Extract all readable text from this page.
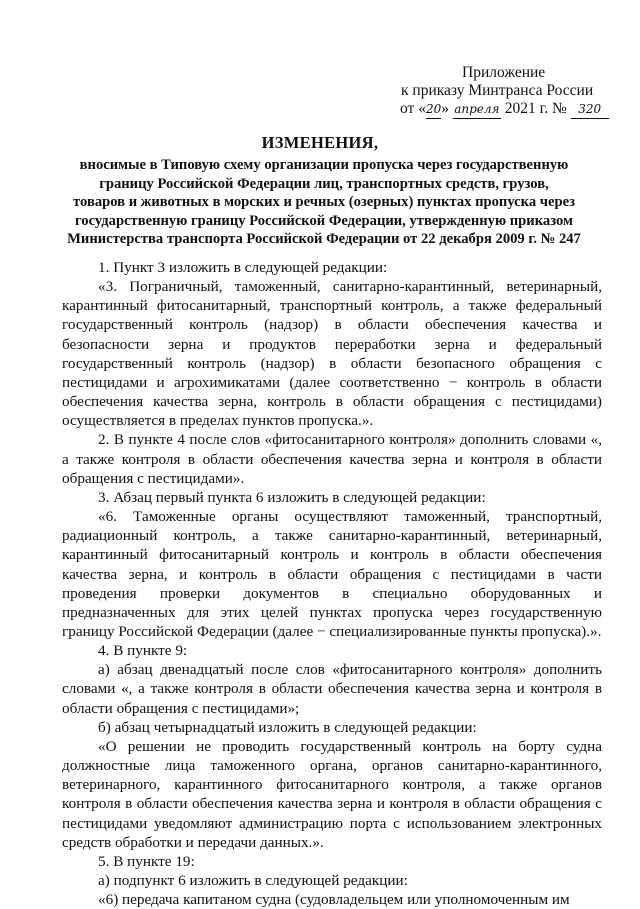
Приложение
к приказу Минтранса России
от «20» апреля 2021 г. № 320
ИЗМЕНЕНИЯ,
вносимые в Типовую схему организации пропуска через государственную
границу Российской Федерации лиц, транспортных средств, грузов,
товаров и животных в морских и речных (озерных) пунктах пропуска через
государственную границу Российской Федерации, утвержденную приказом
Министерства транспорта Российской Федерации от 22 декабря 2009 г. № 247

1. Пункт 3 изложить в следующей редакции:

«3. Пограничный, таможенный, санитарно-карантинный, ветеринарный, карантинный фитосанитарный, транспортный контроль, а также федеральный государственный контроль (надзор) в области обеспечения качества и безопасности зерна и продуктов переработки зерна и федеральный государственный контроль (надзор) в области безопасного обращения с пестицидами и агрохимикатами (далее соответственно − контроль в области обеспечения качества зерна, контроль в области обращения с пестицидами) осуществляется в пределах пунктов пропуска.».

2. В пункте 4 после слов «фитосанитарного контроля» дополнить словами «, а также контроля в области обеспечения качества зерна и контроля в области обращения с пестицидами».

3. Абзац первый пункта 6 изложить в следующей редакции:

«6. Таможенные органы осуществляют таможенный, транспортный, радиационный контроль, а также санитарно-карантинный, ветеринарный, карантинный фитосанитарный контроль и контроль в области обеспечения качества зерна, и контроль в области обращения с пестицидами в части проведения проверки документов в специально оборудованных и предназначенных для этих целей пунктах пропуска через государственную границу Российской Федерации (далее − специализированные пункты пропуска).».

4. В пункте 9:

а) абзац двенадцатый после слов «фитосанитарного контроля» дополнить словами «, а также контроля в области обеспечения качества зерна и контроля в области обращения с пестицидами»;

б) абзац четырнадцатый изложить в следующей редакции:

«О решении не проводить государственный контроль на борту судна должностные лица таможенного органа, органов санитарно-карантинного, ветеринарного, карантинного фитосанитарного контроля, а также органов контроля в области обеспечения качества зерна и контроля в области обращения с пестицидами уведомляют администрацию порта с использованием электронных средств обработки и передачи данных.».

5. В пункте 19:

а) подпункт 6 изложить в следующей редакции:

«6) передача капитаном судна (судовладельцем или уполномоченным им
